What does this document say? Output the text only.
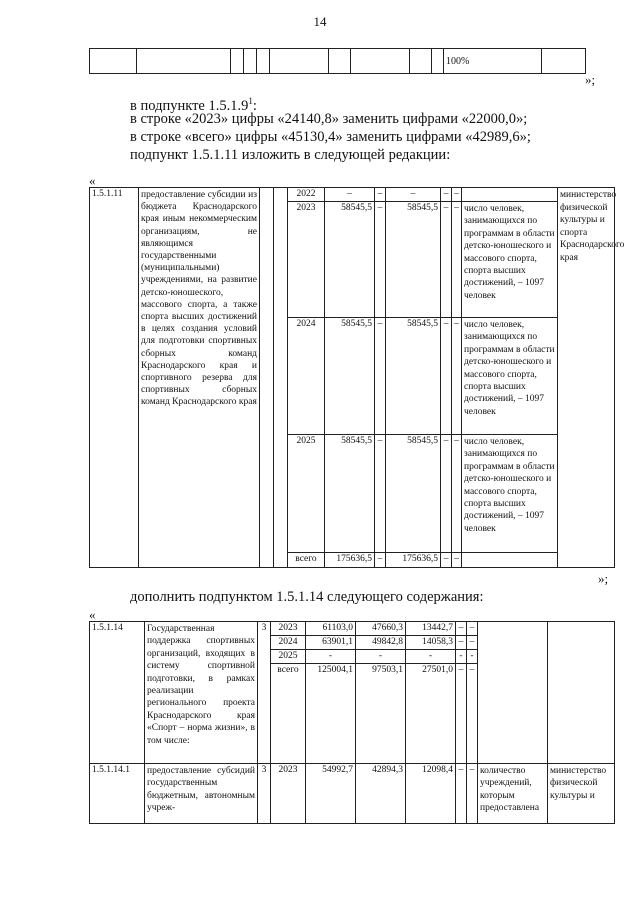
14
										100%	
»;
в подпункте 1.5.1.9$^1$:
в строке «2023» цифры «24140,8» заменить цифрами «22000,0»;
в строке «всего» цифры «45130,4» заменить цифрами «42989,6»;
подпункт 1.5.1.11 изложить в следующей редакции:
«
1.5.1.11	предоставление субсидии из бюджета Краснодарского края иным некоммерческим организациям, не являющимся государственными (муниципальными) учреждениями, на развитие детско-юношеского, массового спорта, а также спорта высших достижений в целях создания условий для подготовки спортивных сборных команд Краснодарского края и спортивного резерва для спортивных сборных команд Краснодарского края			2022	–	–	–	–	–		министерство физической культуры и спорта Краснодарского края
				2023	58545,5	–	58545,5	–	–	число человек, занимающихся по программам в области детско-юношеского и массового спорта, спорта высших достижений, – 1097 человек	
				2024	58545,5	–	58545,5	–	–	число человек, занимающихся по программам в области детско-юношеского и массового спорта, спорта высших достижений, – 1097 человек	
				2025	58545,5	–	58545,5	–	–	число человек, занимающихся по программам в области детско-юношеского и массового спорта, спорта высших достижений, – 1097 человек	
				всего	175636,5	–	175636,5	–	–		
»;
дополнить подпунктом 1.5.1.14 следующего содержания:
«
1.5.1.14	Государственная поддержка спортивных организаций, входящих в систему спортивной подготовки, в рамках реализации регионального проекта Краснодарского края «Спорт – норма жизни», в том числе:	3	2023	61103,0	47660,3	13442,7	–	–		
			2024	63901,1	49842,8	14058,3	–	–		
			2025	-	-	-	-	-		
			всего	125004,1	97503,1	27501,0	–	–		
1.5.1.14.1	предоставление субсидий государственным бюджетным, автономным учреж-	3	2023	54992,7	42894,3	12098,4	–	–	количество учреждений, которым предоставлена	министерство физической культуры и
